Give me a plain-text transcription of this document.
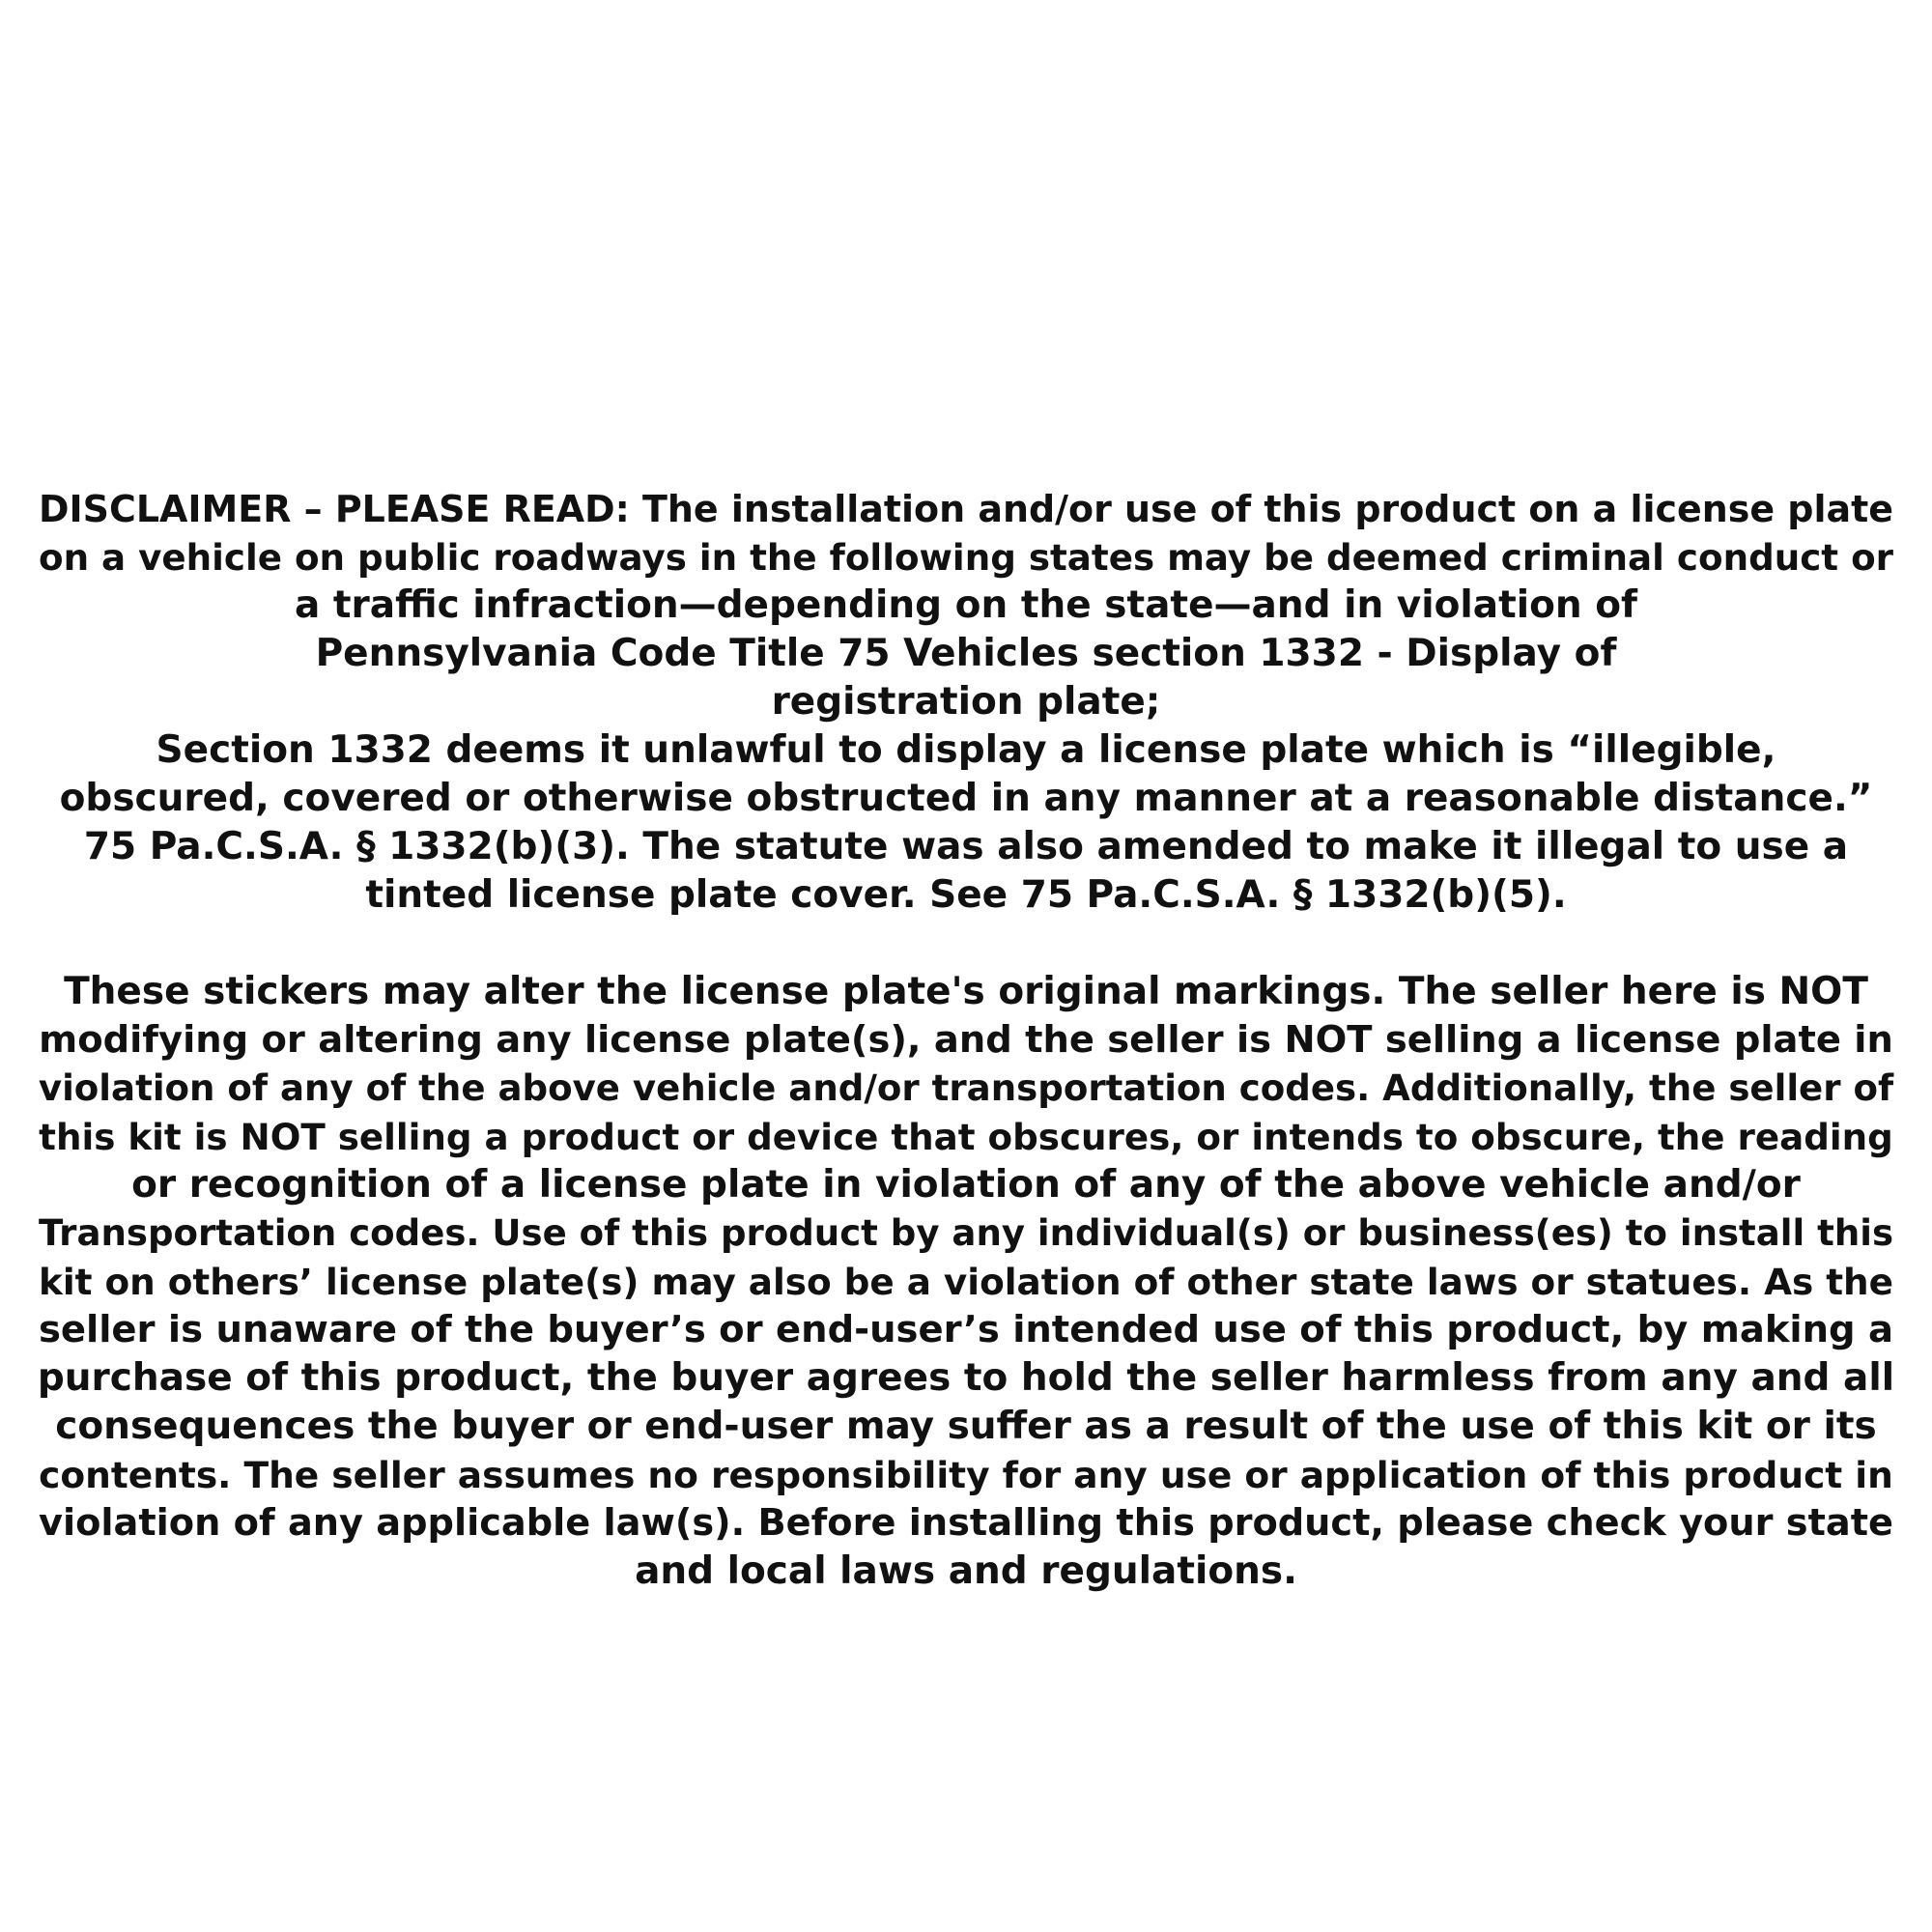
DISCLAIMER – PLEASE READ: The installation and/or use of this product on a license plate
on a vehicle on public roadways in the following states may be deemed criminal conduct or
a traffic infraction—depending on the state—and in violation of
Pennsylvania Code Title 75 Vehicles section 1332 - Display of
registration plate;
Section 1332 deems it unlawful to display a license plate which is “illegible,
obscured, covered or otherwise obstructed in any manner at a reasonable distance.”
75 Pa.C.S.A. § 1332(b)(3). The statute was also amended to make it illegal to use a
tinted license plate cover. See 75 Pa.C.S.A. § 1332(b)(5).
These stickers may alter the license plate's original markings. The seller here is NOT
modifying or altering any license plate(s), and the seller is NOT selling a license plate in
violation of any of the above vehicle and/or transportation codes. Additionally, the seller of
this kit is NOT selling a product or device that obscures, or intends to obscure, the reading
or recognition of a license plate in violation of any of the above vehicle and/or
Transportation codes. Use of this product by any individual(s) or business(es) to install this
kit on others’ license plate(s) may also be a violation of other state laws or statues. As the
seller is unaware of the buyer’s or end-user’s intended use of this product, by making a
purchase of this product, the buyer agrees to hold the seller harmless from any and all
consequences the buyer or end-user may suffer as a result of the use of this kit or its
contents. The seller assumes no responsibility for any use or application of this product in
violation of any applicable law(s). Before installing this product, please check your state
and local laws and regulations.
